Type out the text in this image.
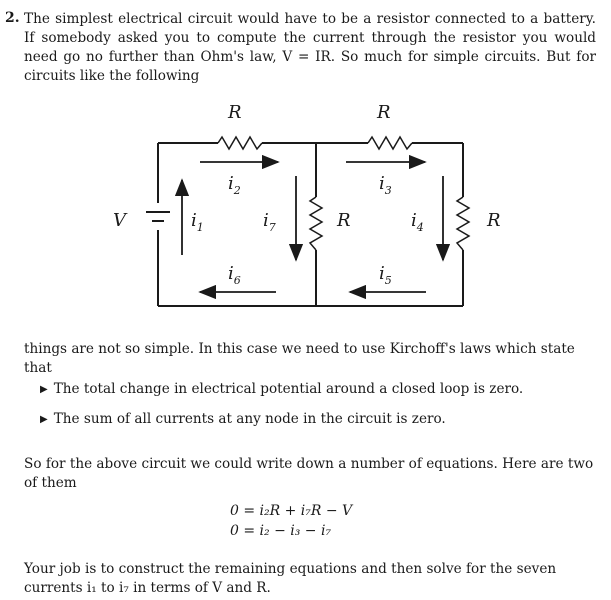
2. The simplest electrical circuit would have to be a resistor connected to a battery. If somebody asked you to compute the current through the resistor you would need go no further than Ohm's law, V = IR. So much for simple circuits. But for circuits like the following
R	R
R	R
V
$i_2$	$i_3$
$i_1$	$i_7$	$i_4$
$i_6$	$i_5$
things are not so simple. In this case we need to use Kirchoff's laws which state that
▶ The total change in electrical potential around a closed loop is zero.
▶ The sum of all currents at any node in the circuit is zero.
So for the above circuit we could write down a number of equations. Here are two of them
0 = i₂R + i₇R − V
0 = i₂ − i₃ − i₇
Your job is to construct the remaining equations and then solve for the seven currents i₁ to i₇ in terms of V and R.
